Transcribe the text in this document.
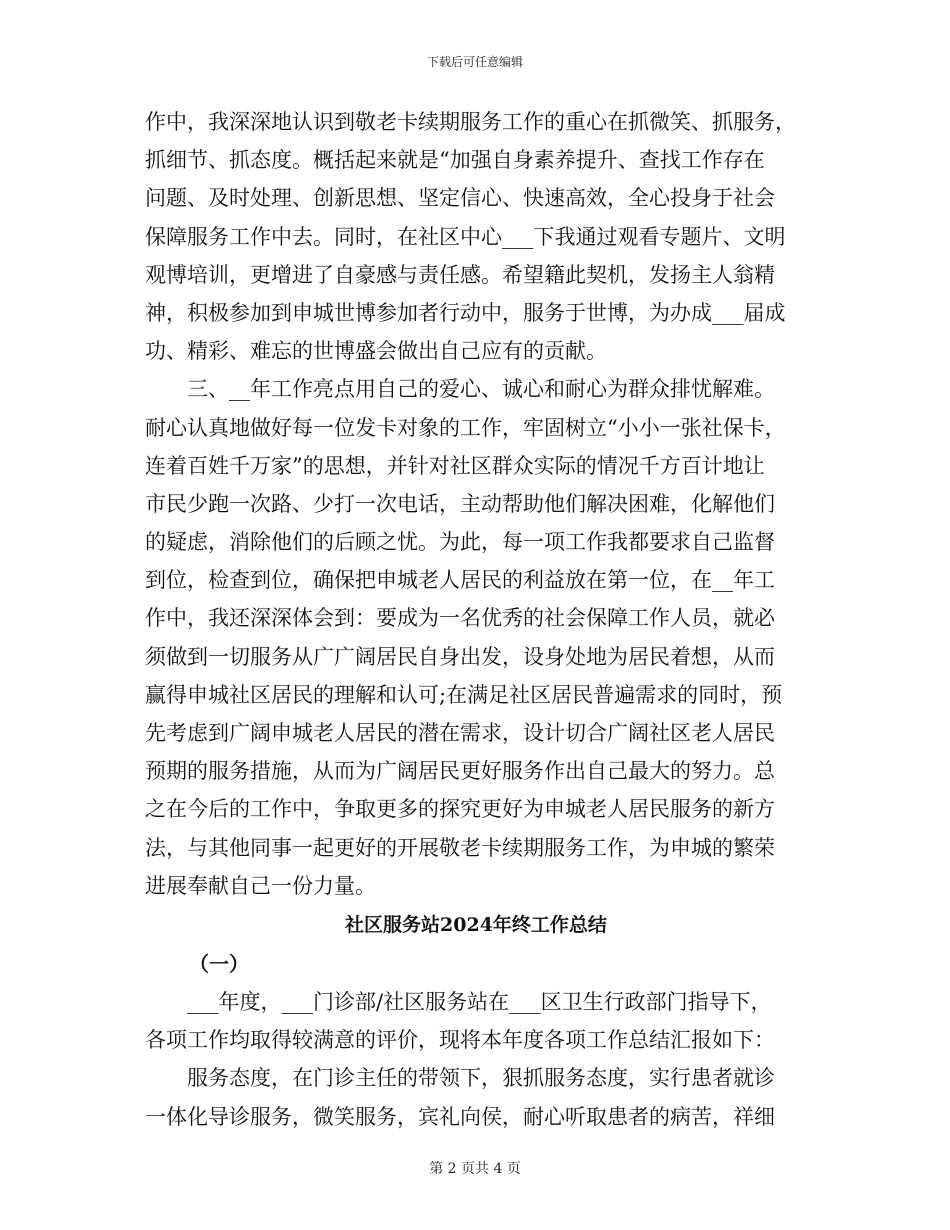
下载后可任意编辑
作中，我深深地认识到敬老卡续期服务工作的重心在抓微笑、抓服务，
抓细节、抓态度。概括起来就是“加强自身素养提升、查找工作存在
问题、及时处理、创新思想、坚定信心、快速高效，全心投身于社会
保障服务工作中去。同时，在社区中心___下我通过观看专题片、文明
观博培训，更增进了自豪感与责任感。希望籍此契机，发扬主人翁精
神，积极参加到申城世博参加者行动中，服务于世博，为办成___届成
功、精彩、难忘的世博盛会做出自己应有的贡献。
　　三、__年工作亮点用自己的爱心、诚心和耐心为群众排忧解难。
耐心认真地做好每一位发卡对象的工作，牢固树立“小小一张社保卡，
连着百姓千万家”的思想，并针对社区群众实际的情况千方百计地让
市民少跑一次路、少打一次电话，主动帮助他们解决困难，化解他们
的疑虑，消除他们的后顾之忧。为此，每一项工作我都要求自己监督
到位，检查到位，确保把申城老人居民的利益放在第一位，在__年工
作中，我还深深体会到：要成为一名优秀的社会保障工作人员，就必
须做到一切服务从广广阔居民自身出发，设身处地为居民着想，从而
赢得申城社区居民的理解和认可;在满足社区居民普遍需求的同时，预
先考虑到广阔申城老人居民的潜在需求，设计切合广阔社区老人居民
预期的服务措施，从而为广阔居民更好服务作出自己最大的努力。总
之在今后的工作中，争取更多的探究更好为申城老人居民服务的新方
法，与其他同事一起更好的开展敬老卡续期服务工作，为申城的繁荣
进展奉献自己一份力量。
社区服务站2024年终工作总结
（一）
　　___年度，___门诊部/社区服务站在___区卫生行政部门指导下，
各项工作均取得较满意的评价，现将本年度各项工作总结汇报如下：
　　服务态度，在门诊主任的带领下，狠抓服务态度，实行患者就诊
一体化导诊服务，微笑服务，宾礼向侯，耐心听取患者的病苦，祥细
第 2 页共 4 页
